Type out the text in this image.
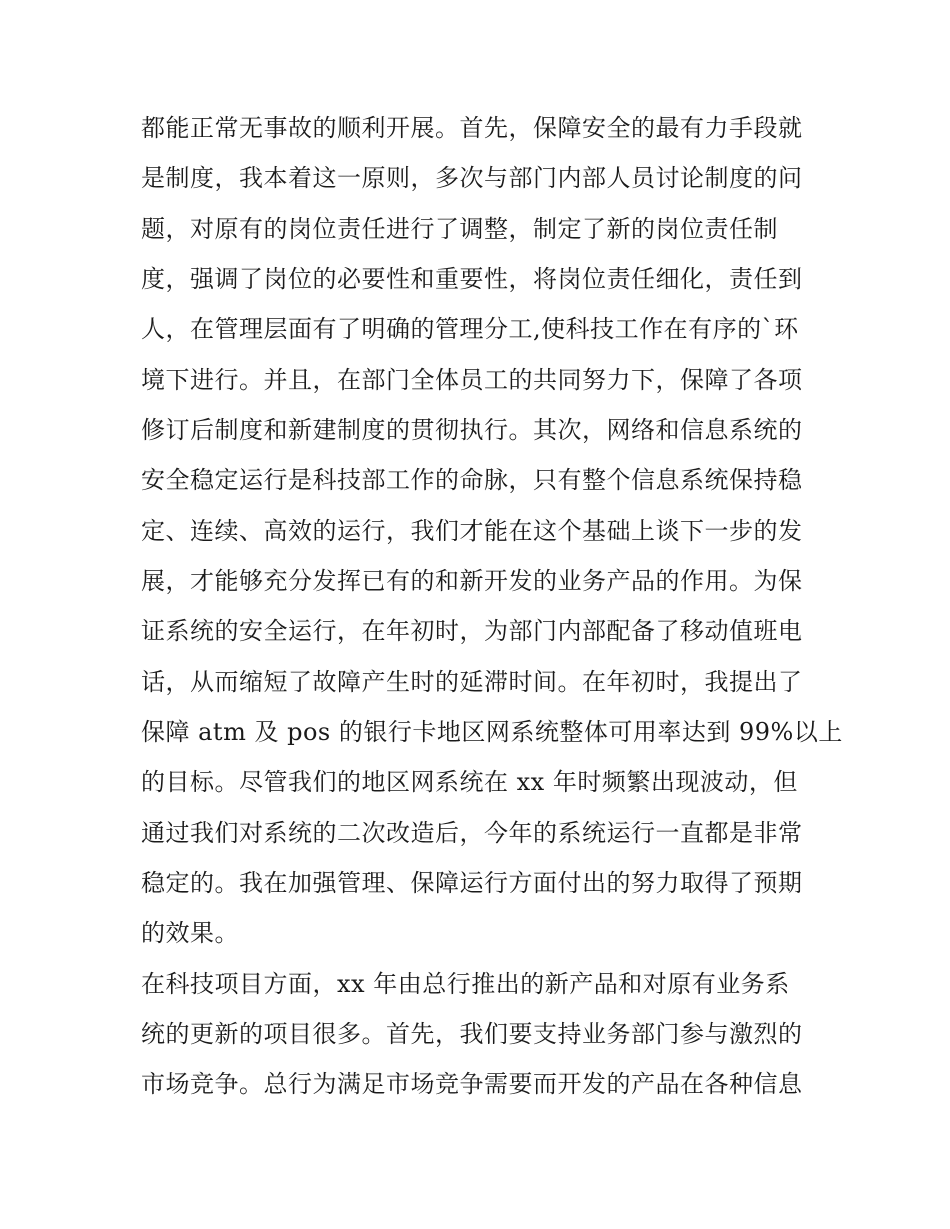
都能正常无事故的顺利开展。首先，保障安全的最有力手段就
是制度，我本着这一原则，多次与部门内部人员讨论制度的问
题，对原有的岗位责任进行了调整，制定了新的岗位责任制
度，强调了岗位的必要性和重要性，将岗位责任细化，责任到
人，在管理层面有了明确的管理分工,使科技工作在有序的`环
境下进行。并且，在部门全体员工的共同努力下，保障了各项
修订后制度和新建制度的贯彻执行。其次，网络和信息系统的
安全稳定运行是科技部工作的命脉，只有整个信息系统保持稳
定、连续、高效的运行，我们才能在这个基础上谈下一步的发
展，才能够充分发挥已有的和新开发的业务产品的作用。为保
证系统的安全运行，在年初时，为部门内部配备了移动值班电
话，从而缩短了故障产生时的延滞时间。在年初时，我提出了
保障 atm 及 pos 的银行卡地区网系统整体可用率达到 99%以上
的目标。尽管我们的地区网系统在 xx 年时频繁出现波动，但
通过我们对系统的二次改造后，今年的系统运行一直都是非常
稳定的。我在加强管理、保障运行方面付出的努力取得了预期
的效果。
在科技项目方面，xx 年由总行推出的新产品和对原有业务系
统的更新的项目很多。首先，我们要支持业务部门参与激烈的
市场竞争。总行为满足市场竞争需要而开发的产品在各种信息
